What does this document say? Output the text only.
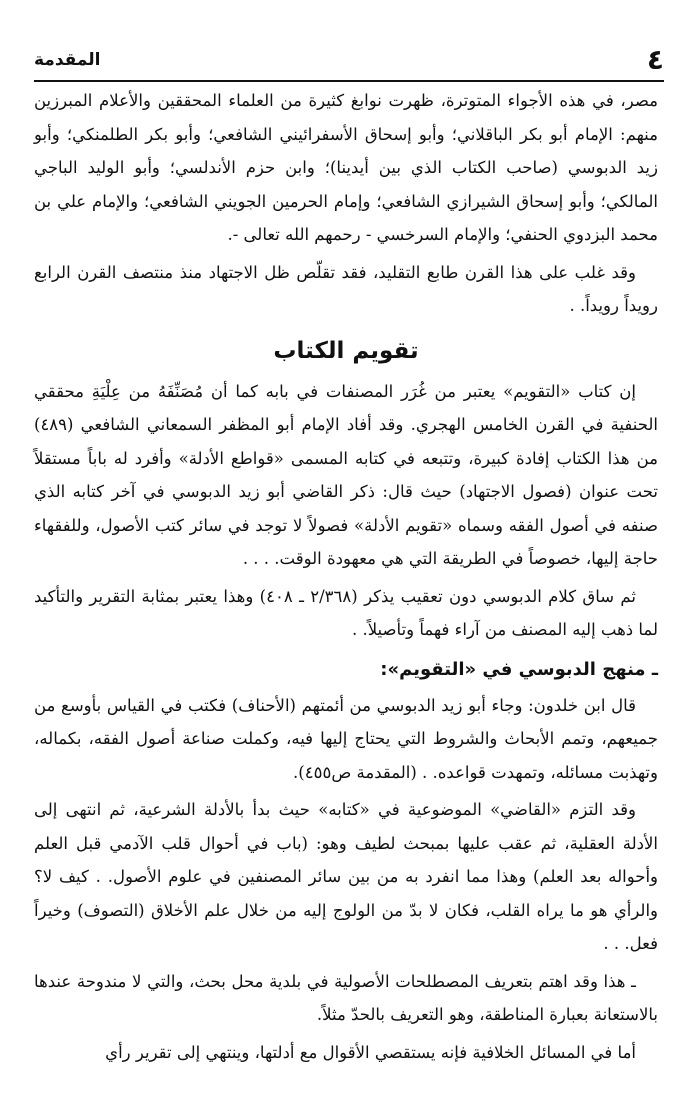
٤
المقدمة

مصر، في هذه الأجواء المتوترة، ظهرت نوابغ كثيرة من العلماء المحققين والأعلام المبرزين منهم: الإمام أبو بكر الباقلاني؛ وأبو إسحاق الأسفرائيني الشافعي؛ وأبو بكر الطلمنكي؛ وأبو زيد الدبوسي (صاحب الكتاب الذي بين أيدينا)؛ وابن حزم الأندلسي؛ وأبو الوليد الباجي المالكي؛ وأبو إسحاق الشيرازي الشافعي؛ وإمام الحرمين الجويني الشافعي؛ والإمام علي بن محمد البزدوي الحنفي؛ والإمام السرخسي - رحمهم الله تعالى -.

وقد غلب على هذا القرن طابع التقليد، فقد تقلّص ظل الاجتهاد منذ منتصف القرن الرابع رويداً رويداً. .

تقويم الكتاب

إن كتاب «التقويم» يعتبر من غُرَر المصنفات في بابه كما أن مُصَنِّفَهُ من عِلْيَةِ محققي الحنفية في القرن الخامس الهجري. وقد أفاد الإمام أبو المظفر السمعاني الشافعي (٤٨٩) من هذا الكتاب إفادة كبيرة، وتتبعه في كتابه المسمى «قواطع الأدلة» وأفرد له باباً مستقلاً تحت عنوان (فصول الاجتهاد) حيث قال: ذكر القاضي أبو زيد الدبوسي في آخر كتابه الذي صنفه في أصول الفقه وسماه «تقويم الأدلة» فصولاً لا توجد في سائر كتب الأصول، وللفقهاء حاجة إليها، خصوصاً في الطريقة التي هي معهودة الوقت. . . .

ثم ساق كلام الدبوسي دون تعقيب يذكر (٢/٣٦٨ ـ ٤٠٨) وهذا يعتبر بمثابة التقرير والتأكيد لما ذهب إليه المصنف من آراء فهماً وتأصيلاً. .

ـ منهج الدبوسي في «التقويم»:

قال ابن خلدون: وجاء أبو زيد الدبوسي من أئمتهم (الأحناف) فكتب في القياس بأوسع من جميعهم، وتمم الأبحاث والشروط التي يحتاج إليها فيه، وكملت صناعة أصول الفقه، بكماله، وتهذبت مسائله، وتمهدت قواعده. . (المقدمة ص٤٥٥).

وقد التزم «القاضي» الموضوعية في «كتابه» حيث بدأ بالأدلة الشرعية، ثم انتهى إلى الأدلة العقلية، ثم عقب عليها بمبحث لطيف وهو: (باب في أحوال قلب الآدمي قبل العلم وأحواله بعد العلم) وهذا مما انفرد به من بين سائر المصنفين في علوم الأصول. . كيف لا؟ والرأي هو ما يراه القلب، فكان لا بدّ من الولوج إليه من خلال علم الأخلاق (التصوف) وخيراً فعل. . .

ـ هذا وقد اهتم بتعريف المصطلحات الأصولية في بلدية محل بحث، والتي لا مندوحة عندها بالاستعانة بعبارة المناطقة، وهو التعريف بالحدّ مثلاً.

أما في المسائل الخلافية فإنه يستقصي الأقوال مع أدلتها، وينتهي إلى تقرير رأي
